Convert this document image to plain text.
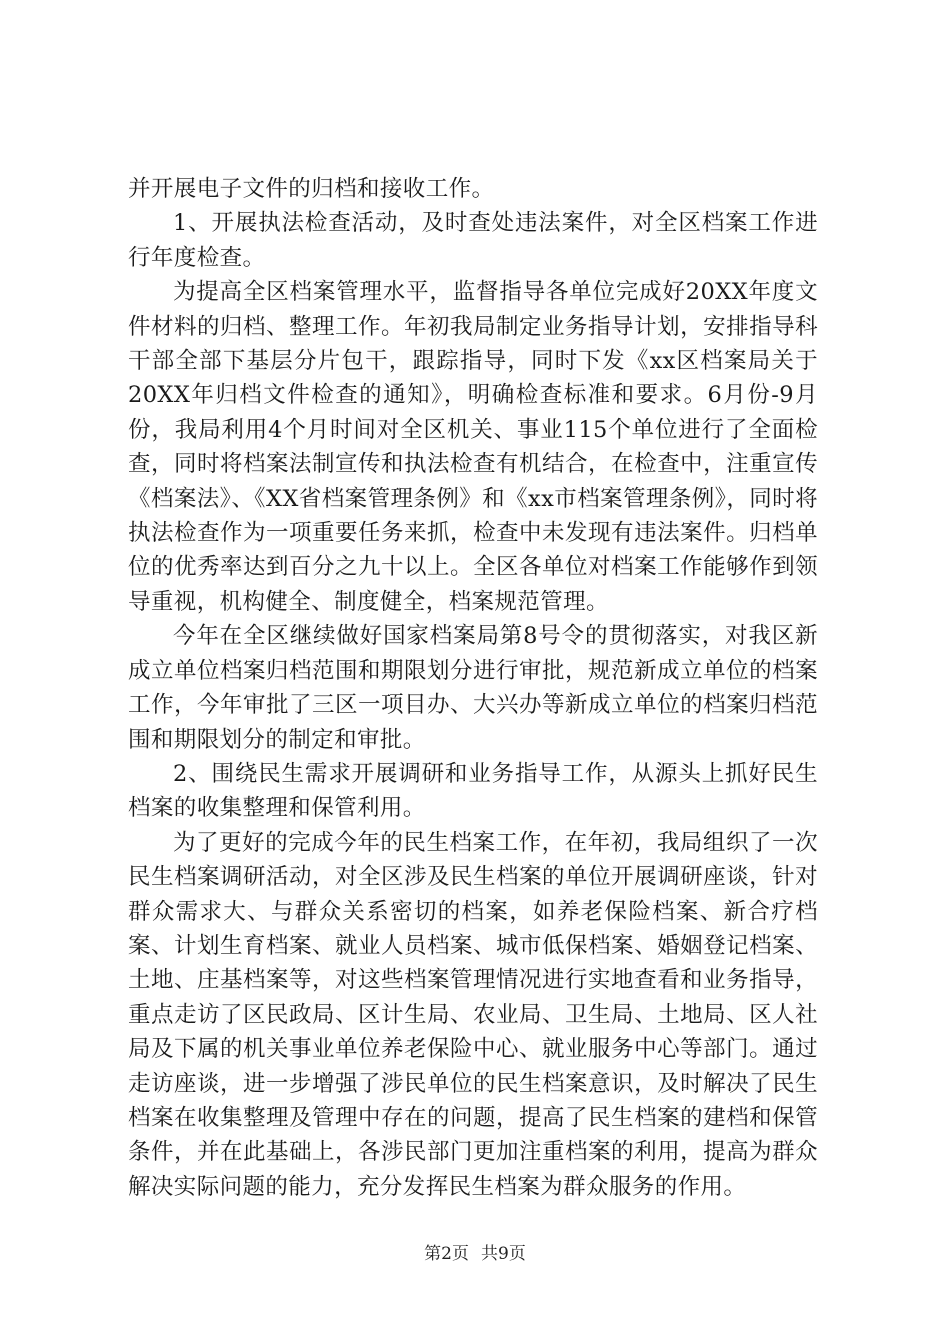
并开展电子文件的归档和接收工作。

1、开展执法检查活动，及时查处违法案件，对全区档案工作进行年度检查。

为提高全区档案管理水平，监督指导各单位完成好20XX年度文件材料的归档、整理工作。年初我局制定业务指导计划，安排指导科干部全部下基层分片包干，跟踪指导，同时下发《xx区档案局关于20XX年归档文件检查的通知》，明确检查标准和要求。6月份-9月份，我局利用4个月时间对全区机关、事业115个单位进行了全面检查，同时将档案法制宣传和执法检查有机结合，在检查中，注重宣传《档案法》、《XX省档案管理条例》和《xx市档案管理条例》，同时将执法检查作为一项重要任务来抓，检查中未发现有违法案件。归档单位的优秀率达到百分之九十以上。全区各单位对档案工作能够作到领导重视，机构健全、制度健全，档案规范管理。

今年在全区继续做好国家档案局第8号令的贯彻落实，对我区新成立单位档案归档范围和期限划分进行审批，规范新成立单位的档案工作，今年审批了三区一项目办、大兴办等新成立单位的档案归档范围和期限划分的制定和审批。

2、围绕民生需求开展调研和业务指导工作，从源头上抓好民生档案的收集整理和保管利用。

为了更好的完成今年的民生档案工作，在年初，我局组织了一次民生档案调研活动，对全区涉及民生档案的单位开展调研座谈，针对群众需求大、与群众关系密切的档案，如养老保险档案、新合疗档案、计划生育档案、就业人员档案、城市低保档案、婚姻登记档案、土地、庄基档案等，对这些档案管理情况进行实地查看和业务指导，重点走访了区民政局、区计生局、农业局、卫生局、土地局、区人社局及下属的机关事业单位养老保险中心、就业服务中心等部门。通过走访座谈，进一步增强了涉民单位的民生档案意识，及时解决了民生档案在收集整理及管理中存在的问题，提高了民生档案的建档和保管条件，并在此基础上，各涉民部门更加注重档案的利用，提高为群众解决实际问题的能力，充分发挥民生档案为群众服务的作用。

第2页 共9页
